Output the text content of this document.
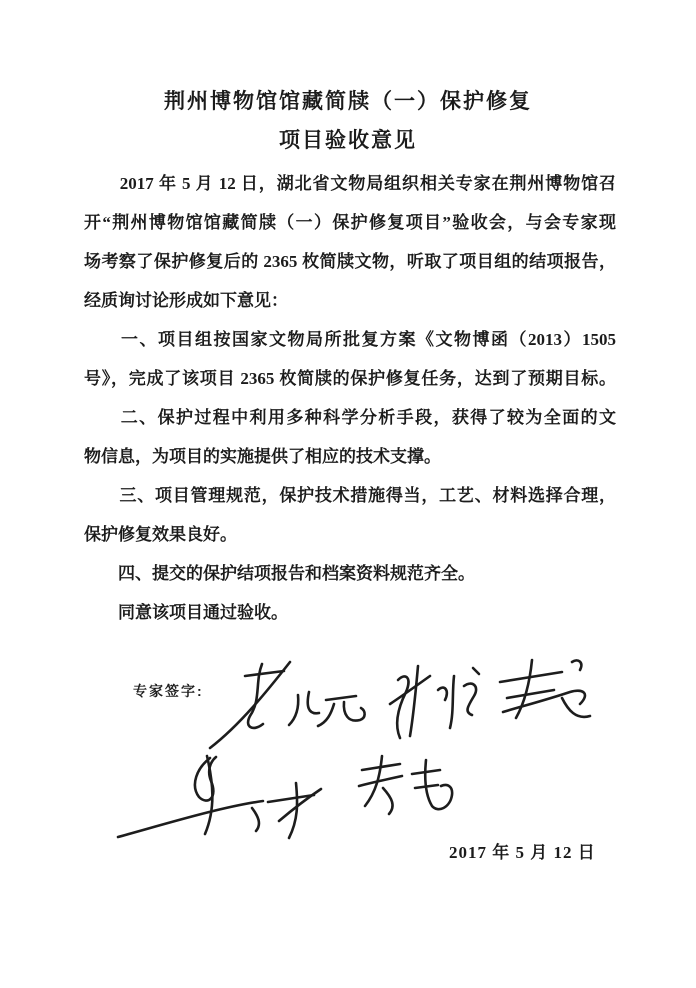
荆州博物馆馆藏简牍（一）保护修复
项目验收意见
　　2017 年 5 月 12 日，湖北省文物局组织相关专家在荆州博物馆召
开“荆州博物馆馆藏简牍（一）保护修复项目”验收会，与会专家现
场考察了保护修复后的 2365 枚简牍文物，听取了项目组的结项报告，
经质询讨论形成如下意见：
　　一、项目组按国家文物局所批复方案《文物博函（2013）1505
号》，完成了该项目 2365 枚简牍的保护修复任务，达到了预期目标。
　　二、保护过程中利用多种科学分析手段，获得了较为全面的文
物信息，为项目的实施提供了相应的技术支撑。
　　三、项目管理规范，保护技术措施得当，工艺、材料选择合理，
保护修复效果良好。
　　四、提交的保护结项报告和档案资料规范齐全。
　　同意该项目通过验收。
专家签字:
2017 年 5 月 12 日
